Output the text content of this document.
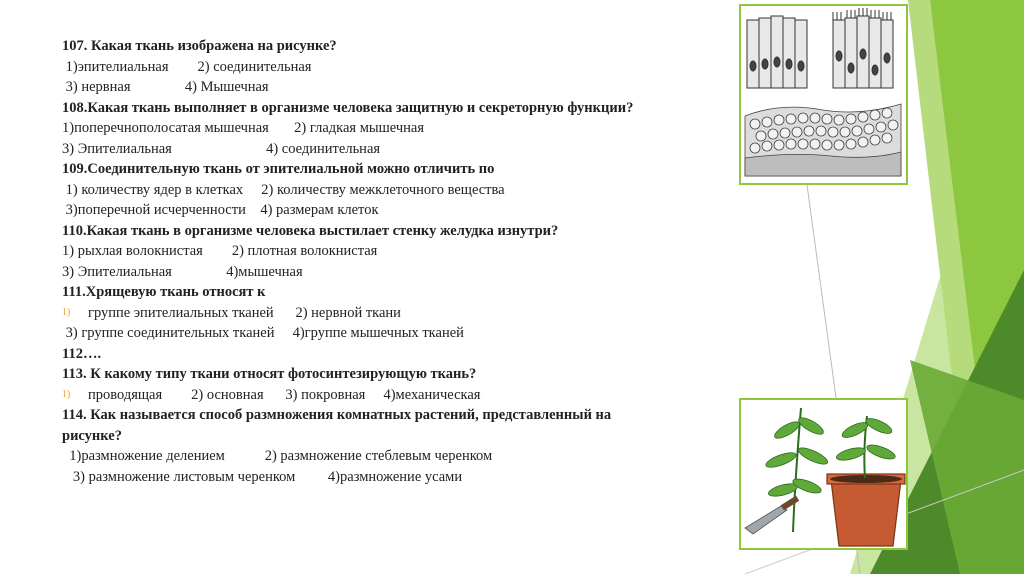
107. Какая ткань изображена на рисунке?
1)эпителиальная        2) соединительная
3) нервная               4) Мышечная
108.Какая ткань выполняет в организме человека защитную и секреторную функции?
1)поперечнополосатая мышечная       2) гладкая мышечная
3) Эпителиальная                          4) соединительная
109.Соединительную ткань от эпителиальной можно отличить по
1) количеству ядер в клетках     2) количеству межклеточного вещества
3)поперечной исчерченности    4) размерам клеток
110.Какая ткань в организме человека выстилает стенку желудка изнутри?
1) рыхлая волокнистая        2) плотная волокнистая
3) Эпителиальная               4)мышечная
111.Хрящевую ткань относят к
1) группе эпителиальных тканей      2) нервной ткани
3) группе соединительных тканей     4)группе мышечных тканей
112….
113. К какому типу ткани относят фотосинтезирующую ткань?
1) проводящая        2) основная      3) покровная     4)механическая
114. Как называется способ размножения комнатных растений, представленный на
рисунке?
1)размножение делением           2) размножение стеблевым черенком
3) размножение листовым черенком         4)размножение усами
